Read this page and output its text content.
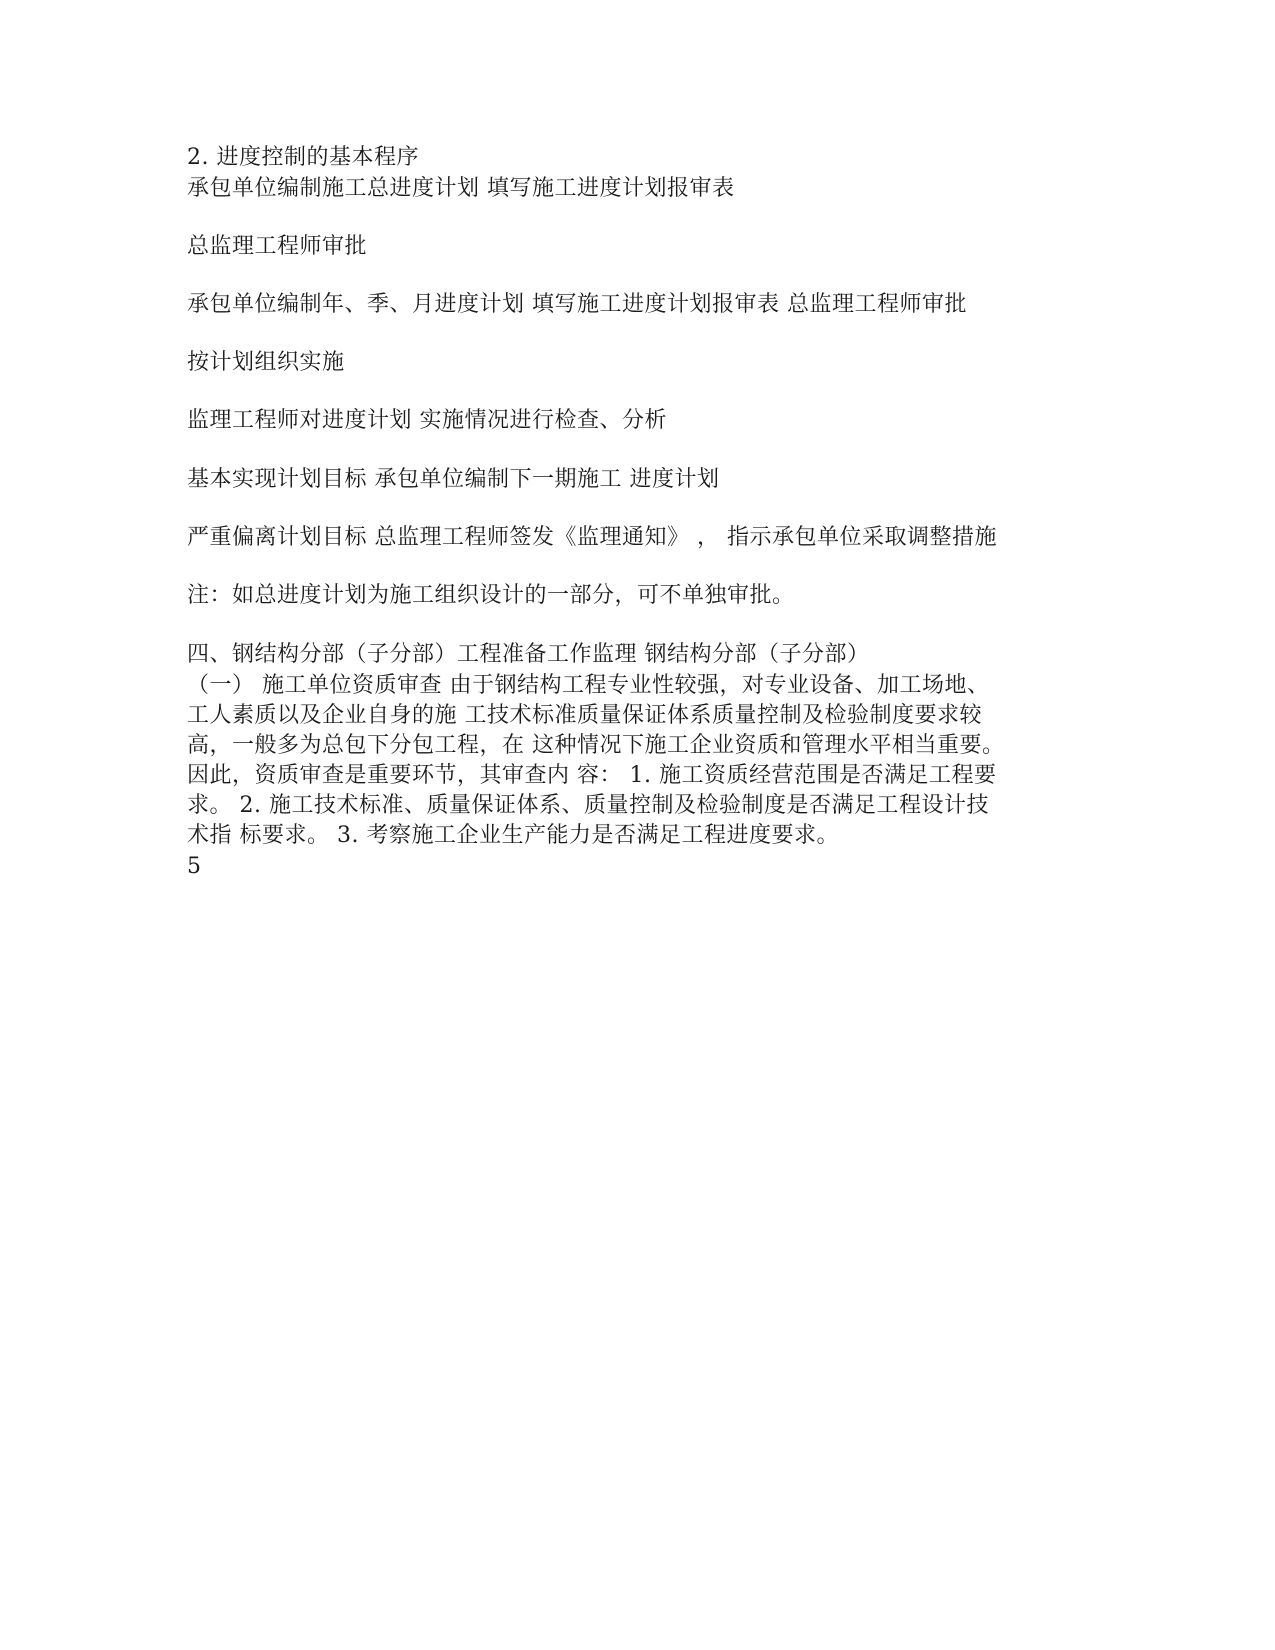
2. 进度控制的基本程序
承包单位编制施工总进度计划 填写施工进度计划报审表
总监理工程师审批
承包单位编制年、季、月进度计划 填写施工进度计划报审表 总监理工程师审批
按计划组织实施
监理工程师对进度计划 实施情况进行检查、分析
基本实现计划目标 承包单位编制下一期施工 进度计划
严重偏离计划目标 总监理工程师签发《监理通知》 ， 指示承包单位采取调整措施
注：如总进度计划为施工组织设计的一部分，可不单独审批。
四、钢结构分部（子分部）工程准备工作监理 钢结构分部（子分部）
（一） 施工单位资质审查 由于钢结构工程专业性较强，对专业设备、加工场地、
工人素质以及企业自身的施 工技术标准质量保证体系质量控制及检验制度要求较
高，一般多为总包下分包工程，在 这种情况下施工企业资质和管理水平相当重要。
因此，资质审查是重要环节，其审查内 容： 1. 施工资质经营范围是否满足工程要
求。 2. 施工技术标准、质量保证体系、质量控制及检验制度是否满足工程设计技
术指 标要求。 3. 考察施工企业生产能力是否满足工程进度要求。
5
